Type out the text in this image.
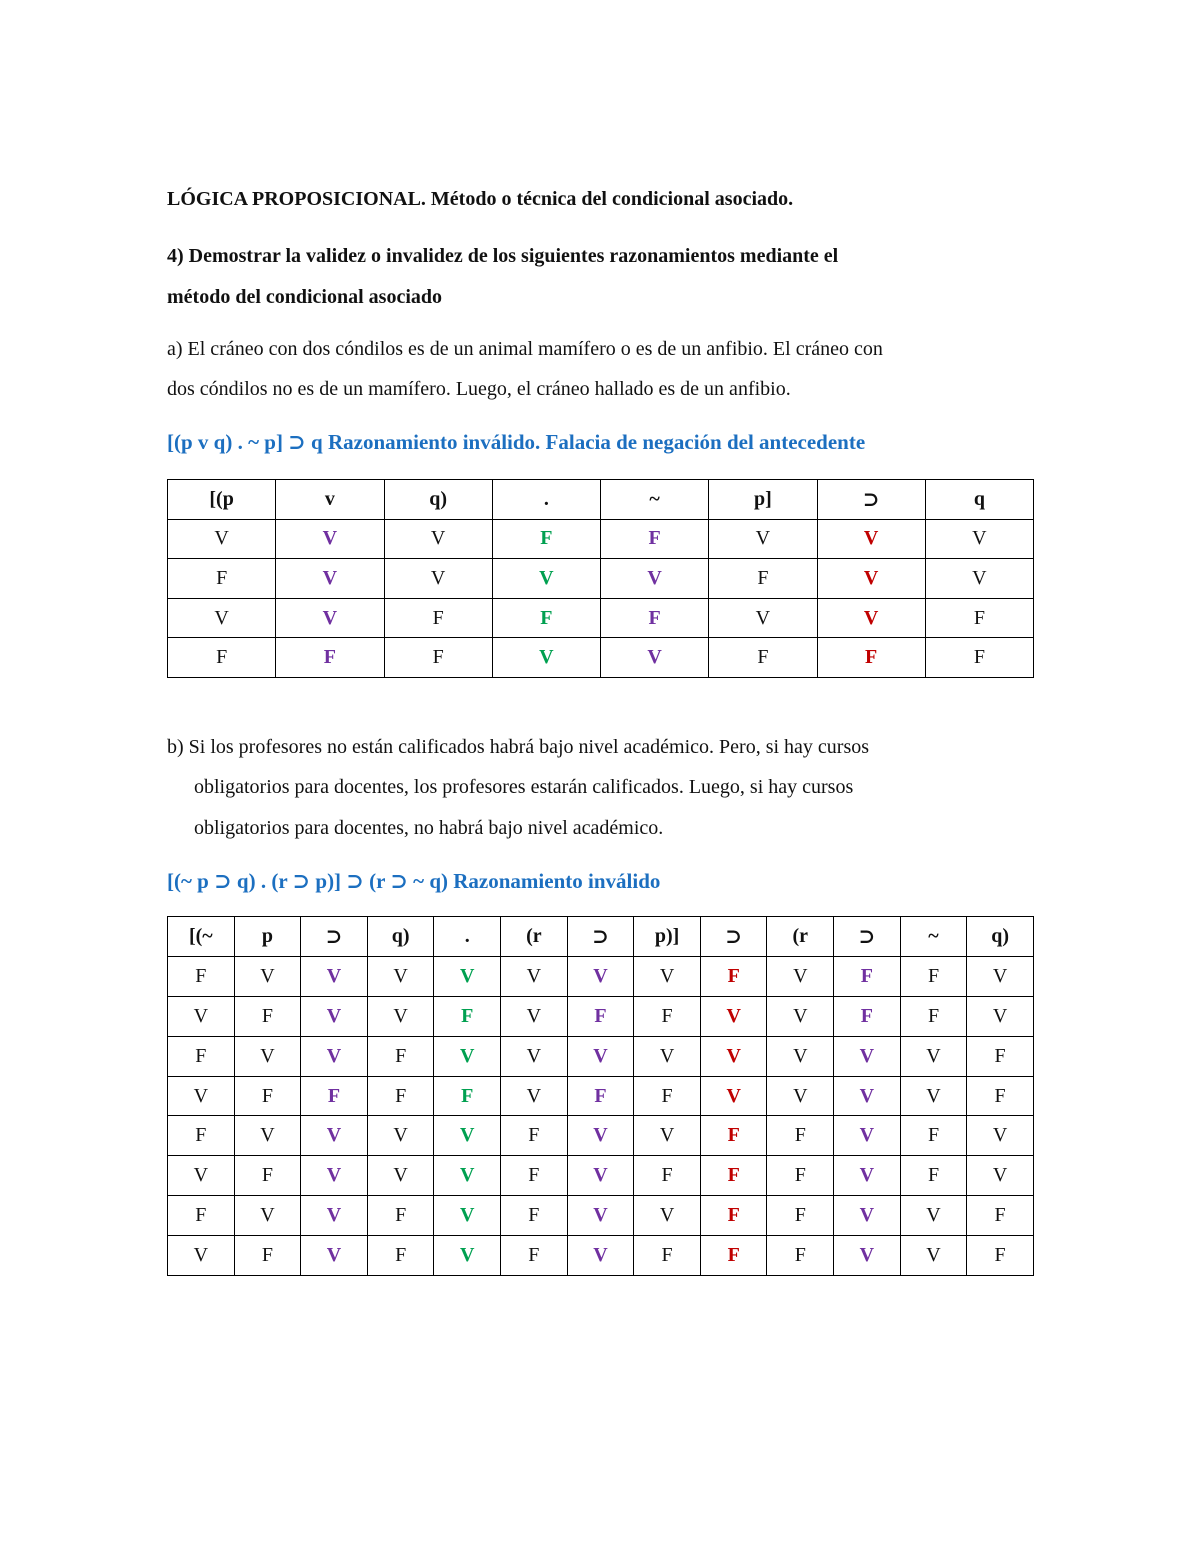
LÓGICA PROPOSICIONAL. Método o técnica del condicional asociado.
4) Demostrar la validez o invalidez de los siguientes razonamientos mediante el
método del condicional asociado
a) El cráneo con dos cóndilos es de un animal mamífero o es de un anfibio. El cráneo con
dos cóndilos no es de un mamífero. Luego, el cráneo hallado es de un anfibio.
[(p v q) . ~ p] ⊃ q Razonamiento inválido. Falacia de negación del antecedente
[(p	v	q)	.	~	p]	⊃	q
V	V	V	F	F	V	V	V
F	V	V	V	V	F	V	V
V	V	F	F	F	V	V	F
F	F	F	V	V	F	F	F
b) Si los profesores no están calificados habrá bajo nivel académico. Pero, si hay cursos
obligatorios para docentes, los profesores estarán calificados. Luego, si hay cursos
obligatorios para docentes, no habrá bajo nivel académico.
[(~ p ⊃ q) . (r ⊃ p)] ⊃ (r ⊃ ~ q) Razonamiento inválido
[(~	p	⊃	q)	.	(r	⊃	p)]	⊃	(r	⊃	~	q)
F	V	V	V	V	V	V	V	F	V	F	F	V
V	F	V	V	F	V	F	F	V	V	F	F	V
F	V	V	F	V	V	V	V	V	V	V	V	F
V	F	F	F	F	V	F	F	V	V	V	V	F
F	V	V	V	V	F	V	V	F	F	V	F	V
V	F	V	V	V	F	V	F	F	F	V	F	V
F	V	V	F	V	F	V	V	F	F	V	V	F
V	F	V	F	V	F	V	F	F	F	V	V	F
